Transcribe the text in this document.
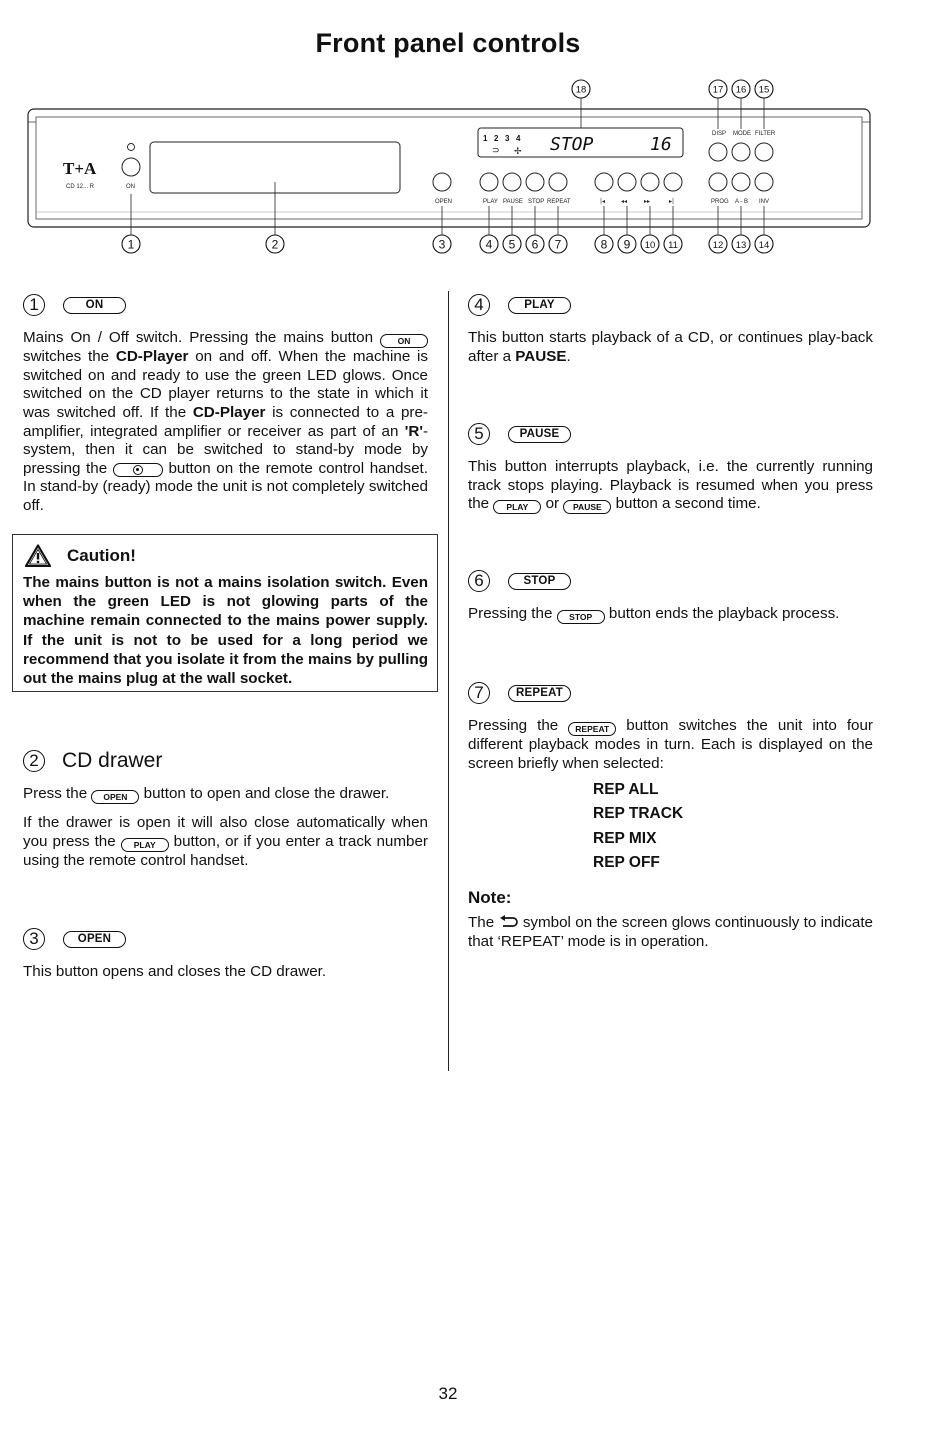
Front panel controls
T+A
CD 12... R	ON
OPEN	PLAY PAUSE STOP REPEAT	|◂	◂◂	▸▸	▸|
1 2 3 4
⊃ ✢ STOP	16	DISP MODE FILTER
PROG A - B INV
1	2	3	4 5 6 7	8 9 10 11	12 13 14
18	17 16 15
1	ON

Mains On / Off switch. Pressing the mains button	ON switches the CD-Player on and off. When the machine is switched on and ready to use the green LED glows. Once switched on the CD player returns to the state in which it was switched off. If the CD-Player is connected to a pre-amplifier, integrated amplifier or receiver as part of an 'R'-system, then it can be switched to stand-by mode by pressing the	button on the remote control handset. In stand-by (ready) mode the unit is not completely switched off.

Caution!

The mains button is not a mains isolation switch. Even when the green LED is not glowing parts of the machine remain connected to the mains power supply. If the unit is not to be used for a long period we recommend that you isolate it from the mains by pulling out the mains plug at the wall socket.

2 CD drawer

Press the OPEN button to open and close the drawer.

If the drawer is open it will also close automatically when you press the PLAY button, or if you enter a track number using the remote control handset.

3	OPEN

This button opens and closes the CD drawer.

4	PLAY

This button starts playback of a CD, or continues play-back after a PAUSE.

5	PAUSE

This button interrupts playback, i.e. the currently running track stops playing. Playback is resumed when you press the PLAY or PAUSE button a second time.

6	STOP

Pressing the STOP button ends the playback process.

7	REPEAT

Pressing the REPEAT button switches the unit into four different playback modes in turn. Each is displayed on the screen briefly when selected:

REP ALL
REP TRACK
REP MIX
REP OFF
Note:

The symbol on the screen glows continuously to indicate that ‘REPEAT’ mode is in operation.

32
